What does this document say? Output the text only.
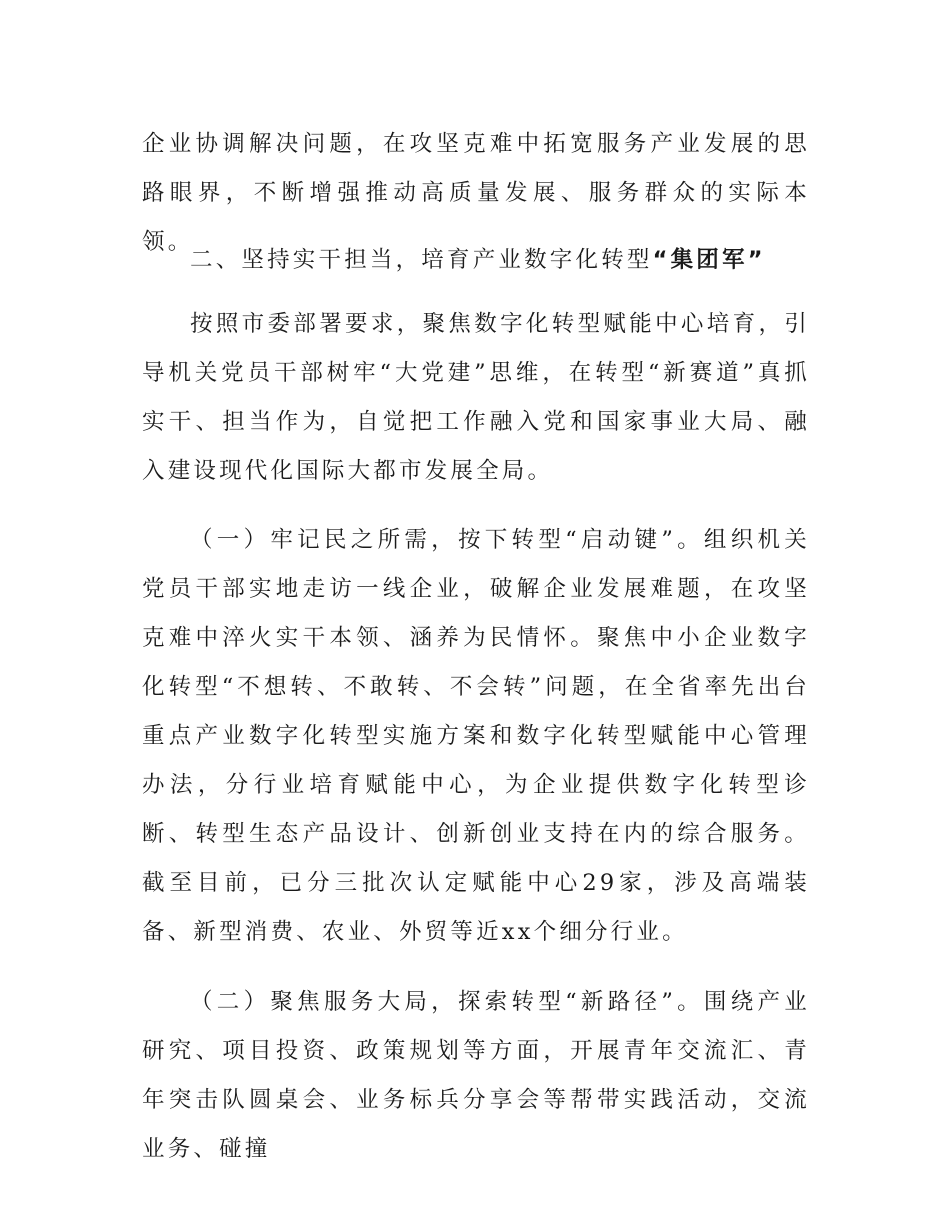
企业协调解决问题，在攻坚克难中拓宽服务产业发展的思路眼界，不断增强推动高质量发展、服务群众的实际本领。

二、坚持实干担当，培育产业数字化转型“集团军”

按照市委部署要求，聚焦数字化转型赋能中心培育，引导机关党员干部树牢“大党建”思维，在转型“新赛道”真抓实干、担当作为，自觉把工作融入党和国家事业大局、融入建设现代化国际大都市发展全局。

（一）牢记民之所需，按下转型“启动键”。组织机关党员干部实地走访一线企业，破解企业发展难题，在攻坚克难中淬火实干本领、涵养为民情怀。聚焦中小企业数字化转型“不想转、不敢转、不会转”问题，在全省率先出台重点产业数字化转型实施方案和数字化转型赋能中心管理办法，分行业培育赋能中心，为企业提供数字化转型诊断、转型生态产品设计、创新创业支持在内的综合服务。截至目前，已分三批次认定赋能中心29家，涉及高端装备、新型消费、农业、外贸等近xx个细分行业。

（二）聚焦服务大局，探索转型“新路径”。围绕产业研究、项目投资、政策规划等方面，开展青年交流汇、青年突击队圆桌会、业务标兵分享会等帮带实践活动，交流业务、碰撞
